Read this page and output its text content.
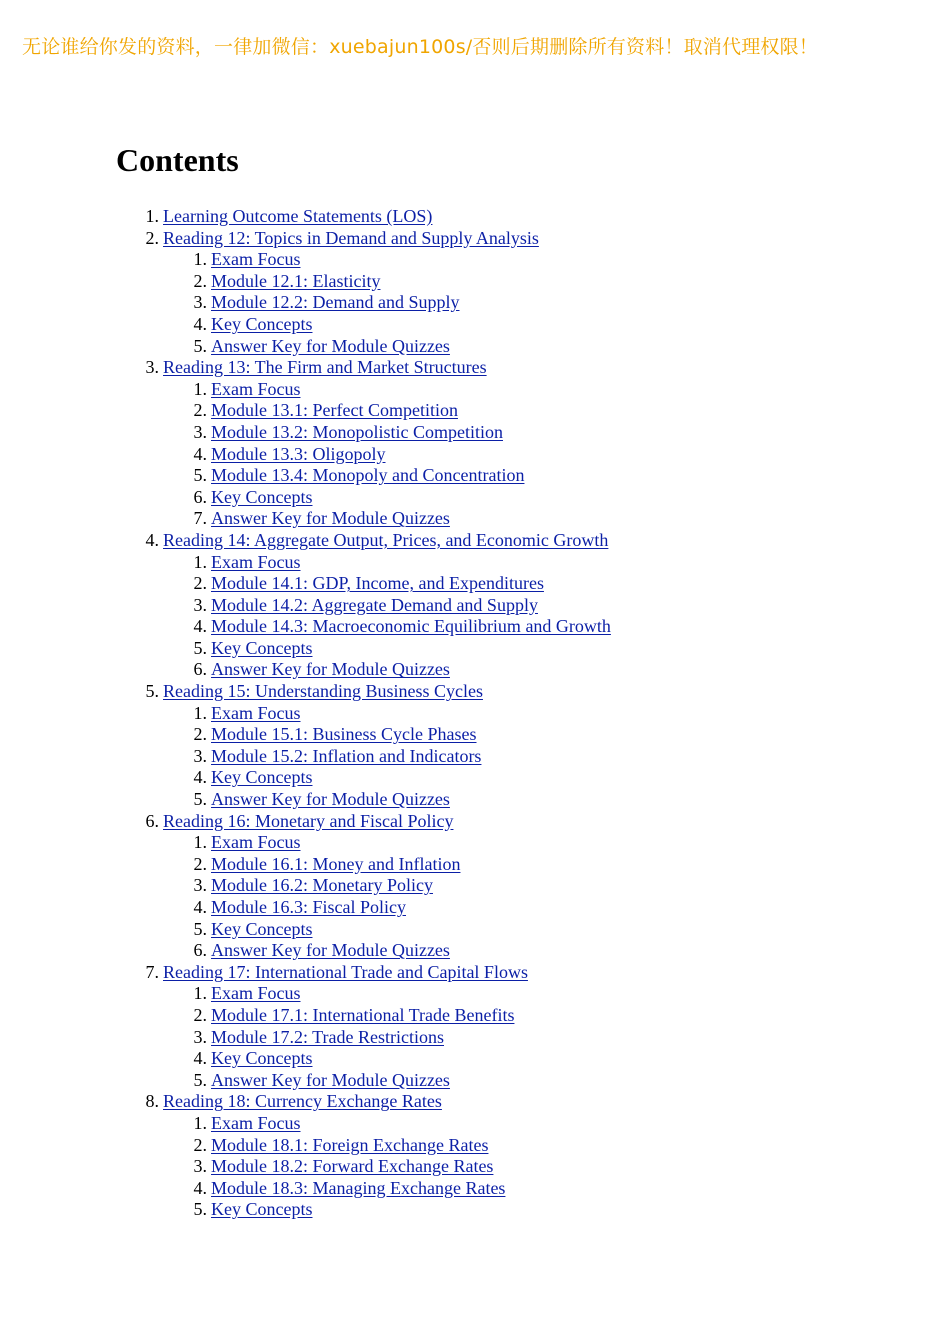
无论谁给你发的资料，一律加微信：xuebajun100s/否则后期删除所有资料！取消代理权限！
Contents
1. Learning Outcome Statements (LOS)
2. Reading 12: Topics in Demand and Supply Analysis
1. Exam Focus
2. Module 12.1: Elasticity
3. Module 12.2: Demand and Supply
4. Key Concepts
5. Answer Key for Module Quizzes
3. Reading 13: The Firm and Market Structures
1. Exam Focus
2. Module 13.1: Perfect Competition
3. Module 13.2: Monopolistic Competition
4. Module 13.3: Oligopoly
5. Module 13.4: Monopoly and Concentration
6. Key Concepts
7. Answer Key for Module Quizzes
4. Reading 14: Aggregate Output, Prices, and Economic Growth
1. Exam Focus
2. Module 14.1: GDP, Income, and Expenditures
3. Module 14.2: Aggregate Demand and Supply
4. Module 14.3: Macroeconomic Equilibrium and Growth
5. Key Concepts
6. Answer Key for Module Quizzes
5. Reading 15: Understanding Business Cycles
1. Exam Focus
2. Module 15.1: Business Cycle Phases
3. Module 15.2: Inflation and Indicators
4. Key Concepts
5. Answer Key for Module Quizzes
6. Reading 16: Monetary and Fiscal Policy
1. Exam Focus
2. Module 16.1: Money and Inflation
3. Module 16.2: Monetary Policy
4. Module 16.3: Fiscal Policy
5. Key Concepts
6. Answer Key for Module Quizzes
7. Reading 17: International Trade and Capital Flows
1. Exam Focus
2. Module 17.1: International Trade Benefits
3. Module 17.2: Trade Restrictions
4. Key Concepts
5. Answer Key for Module Quizzes
8. Reading 18: Currency Exchange Rates
1. Exam Focus
2. Module 18.1: Foreign Exchange Rates
3. Module 18.2: Forward Exchange Rates
4. Module 18.3: Managing Exchange Rates
5. Key Concepts
